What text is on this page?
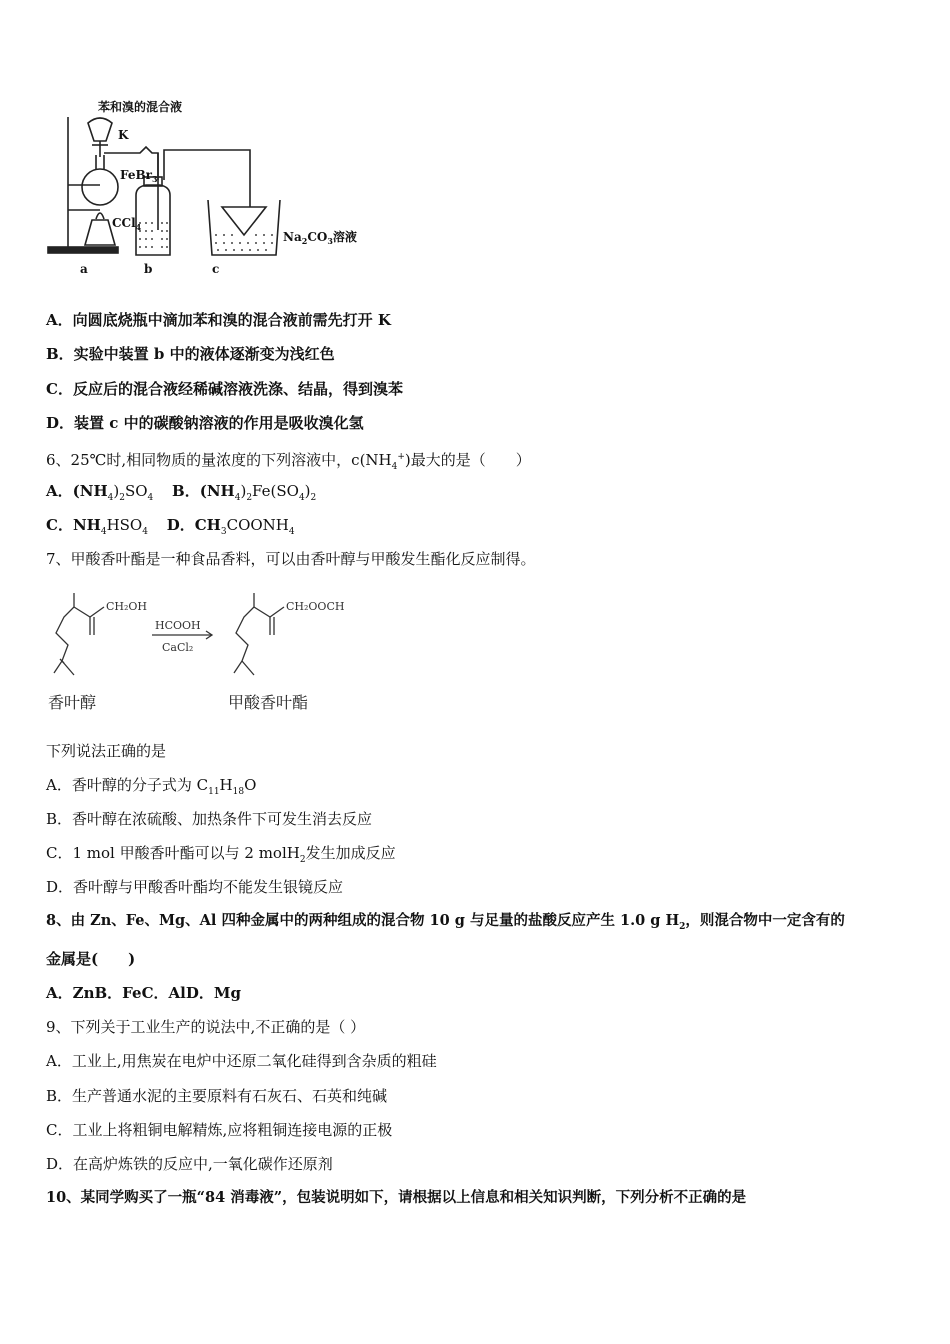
苯和溴的混合液
K
FeBr$_3$
CCl$_4$
$Na_2CO_3$溶液
a	b	c
A．向圆底烧瓶中滴加苯和溴的混合液前需先打开 K
B．实验中装置 b 中的液体逐渐变为浅红色
C．反应后的混合液经稀碱溶液洗涤、结晶，得到溴苯
D．装置 c 中的碳酸钠溶液的作用是吸收溴化氢
6、25℃时,相同物质的量浓度的下列溶液中，$c(NH_4^+)$最大的是（　　）
A．$(NH_4)_2SO_4$ B．$(NH_4)_2Fe(SO_4)_2$
C．$NH_4HSO_4$ D．$CH_3COONH_4$
7、甲酸香叶酯是一种食品香料，可以由香叶醇与甲酸发生酯化反应制得。
CH₂OH
HCOOH
CaCl₂
CH₂OOCH
香叶醇	甲酸香叶酯
下列说法正确的是
A．香叶醇的分子式为 $C_{11}H_{18}O$
B．香叶醇在浓硫酸、加热条件下可发生消去反应
C．1 mol 甲酸香叶酯可以与 2 molH$_2$发生加成反应
D．香叶醇与甲酸香叶酯均不能发生银镜反应
8、由 Zn、Fe、Mg、Al 四种金属中的两种组成的混合物 10 g 与足量的盐酸反应产生 1.0 g $H_2$，则混合物中一定含有的
金属是(　　)
A．ZnB．FeC．AlD．Mg
9、下列关于工业生产的说法中,不正确的是（ ）
A．工业上,用焦炭在电炉中还原二氧化硅得到含杂质的粗硅
B．生产普通水泥的主要原料有石灰石、石英和纯碱
C．工业上将粗铜电解精炼,应将粗铜连接电源的正极
D．在高炉炼铁的反应中,一氧化碳作还原剂
10、某同学购买了一瓶“84 消毒液”，包装说明如下，请根据以上信息和相关知识判断，下列分析不正确的是
